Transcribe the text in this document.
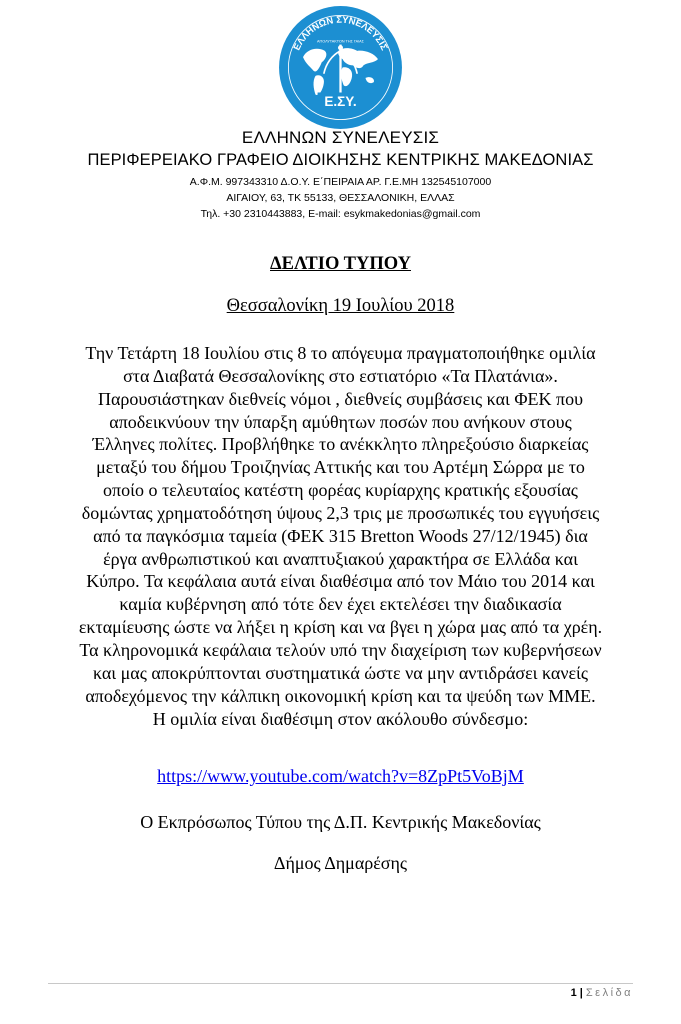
ΕΛΛΗΝΩΝ ΣΥΝΕΛΕΥΣΙΣ
ΑΠΟΛΥΤΑΚΤΟΝ ΤΗΣ ΓΑΙΑΣ
Ε.ΣΥ.
ΕΛΛΗΝΩΝ ΣΥΝΕΛΕΥΣΙΣ
ΠΕΡΙΦΕΡΕΙΑΚΟ ΓΡΑΦΕΙΟ ΔΙΟΙΚΗΣΗΣ ΚΕΝΤΡΙΚΗΣ ΜΑΚΕΔΟΝΙΑΣ
Α.Φ.Μ. 997343310 Δ.Ο.Υ. Ε΄ΠΕΙΡΑΙΑ ΑΡ. Γ.Ε.ΜΗ 132545107000
ΑΙΓΑΙΟΥ, 63, ΤΚ 55133, ΘΕΣΣΑΛΟΝΙΚΗ, ΕΛΛΑΣ
Τηλ. +30 2310443883, E-mail: esykmakedonias@gmail.com
ΔΕΛΤΙΟ ΤΥΠΟΥ
Θεσσαλονίκη 19 Ιουλίου 2018
Την Τετάρτη 18 Ιουλίου στις 8 το απόγευμα πραγματοποιήθηκε ομιλία
στα Διαβατά Θεσσαλονίκης στο εστιατόριο «Τα Πλατάνια».
Παρουσιάστηκαν διεθνείς νόμοι , διεθνείς συμβάσεις και ΦΕΚ που
αποδεικνύουν την ύπαρξη αμύθητων ποσών που ανήκουν στους
Έλληνες πολίτες. Προβλήθηκε το ανέκκλητο πληρεξούσιο διαρκείας
μεταξύ του δήμου Τροιζηνίας Αττικής και του Αρτέμη Σώρρα με το
οποίο ο τελευταίος κατέστη φορέας κυρίαρχης κρατικής εξουσίας
δομώντας χρηματοδότηση ύψους 2,3 τρις με προσωπικές του εγγυήσεις
από τα παγκόσμια ταμεία (ΦΕΚ 315 Bretton Woods 27/12/1945) δια
έργα ανθρωπιστικού και αναπτυξιακού χαρακτήρα σε Ελλάδα και
Κύπρο. Τα κεφάλαια αυτά είναι διαθέσιμα από τον Μάιο του 2014 και
καμία κυβέρνηση από τότε δεν έχει εκτελέσει την διαδικασία
εκταμίευσης ώστε να λήξει η κρίση και να βγει η χώρα μας από τα χρέη.
Τα κληρονομικά κεφάλαια τελούν υπό την διαχείριση των κυβερνήσεων
και μας αποκρύπτονται συστηματικά ώστε να μην αντιδράσει κανείς
αποδεχόμενος την κάλπικη οικονομική κρίση και τα ψεύδη των ΜΜΕ.
Η ομιλία είναι διαθέσιμη στον ακόλουθο σύνδεσμο:
https://www.youtube.com/watch?v=8ZpPt5VoBjM
Ο Εκπρόσωπος Τύπου της Δ.Π. Κεντρικής Μακεδονίας
Δήμος Δημαρέσης
1 | Σελίδα
